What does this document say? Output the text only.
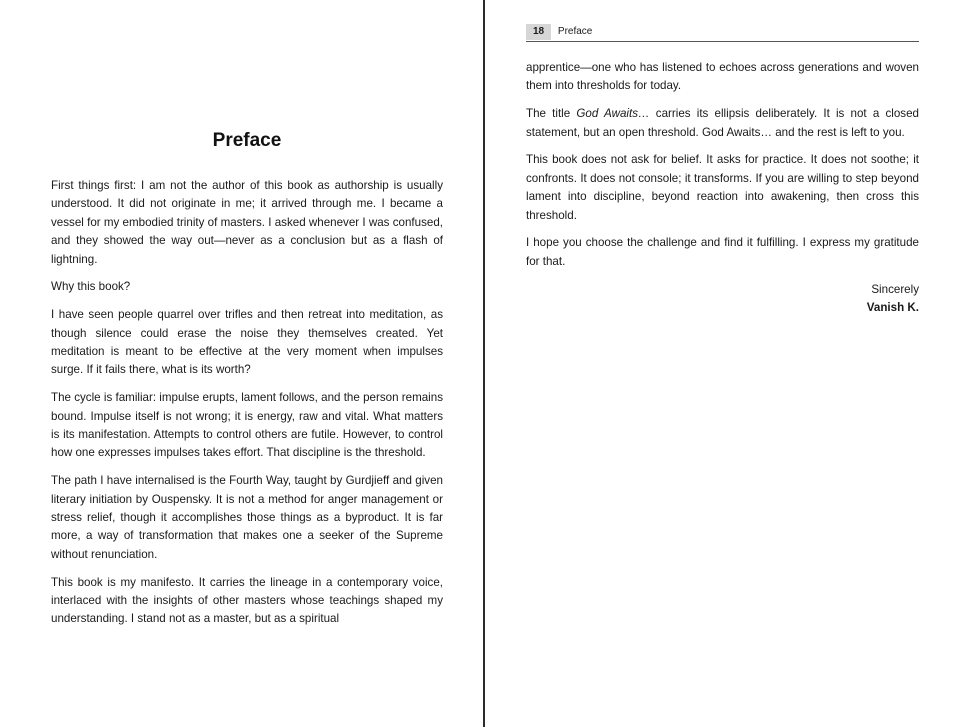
Preface

First things first: I am not the author of this book as authorship is usually understood. It did not originate in me; it arrived through me. I became a vessel for my embodied trinity of masters. I asked whenever I was confused, and they showed the way out—never as a conclusion but as a flash of lightning.

Why this book?

I have seen people quarrel over trifles and then retreat into meditation, as though silence could erase the noise they themselves created. Yet meditation is meant to be effective at the very moment when impulses surge. If it fails there, what is its worth?

The cycle is familiar: impulse erupts, lament follows, and the person remains bound. Impulse itself is not wrong; it is energy, raw and vital. What matters is its manifestation. Attempts to control others are futile. However, to control how one expresses impulses takes effort. That discipline is the threshold.

The path I have internalised is the Fourth Way, taught by Gurdjieff and given literary initiation by Ouspensky. It is not a method for anger management or stress relief, though it accomplishes those things as a byproduct. It is far more, a way of transformation that makes one a seeker of the Supreme without renunciation.

This book is my manifesto. It carries the lineage in a contemporary voice, interlaced with the insights of other masters whose teachings shaped my understanding. I stand not as a master, but as a spiritual

18 Preface

apprentice—one who has listened to echoes across generations and woven them into thresholds for today.

The title God Awaits… carries its ellipsis deliberately. It is not a closed statement, but an open threshold. God Awaits… and the rest is left to you.

This book does not ask for belief. It asks for practice. It does not soothe; it confronts. It does not console; it transforms. If you are willing to step beyond lament into discipline, beyond reaction into awakening, then cross this threshold.

I hope you choose the challenge and find it fulfilling. I express my gratitude for that.

Sincerely

Vanish K.
